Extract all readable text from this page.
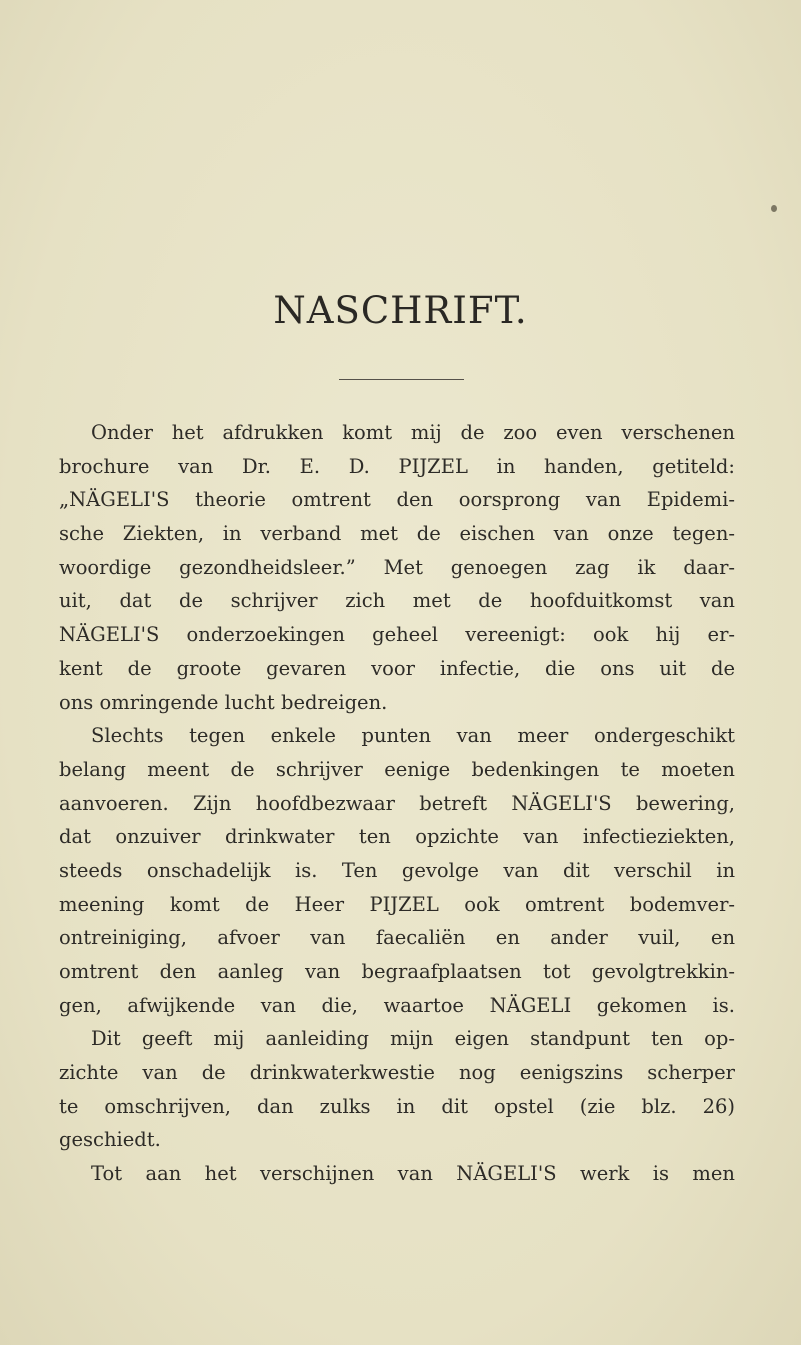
NASCHRIFT.
Onder het afdrukken komt mij de zoo even verschenen
brochure van Dr. E. D. PIJZEL in handen, getiteld:
„NÄGELI'S theorie omtrent den oorsprong van Epidemi-
sche Ziekten, in verband met de eischen van onze tegen-
woordige gezondheidsleer.” Met genoegen zag ik daar-
uit, dat de schrijver zich met de hoofduitkomst van
NÄGELI'S onderzoekingen geheel vereenigt: ook hij er-
kent de groote gevaren voor infectie, die ons uit de
ons omringende lucht bedreigen.
Slechts tegen enkele punten van meer ondergeschikt
belang meent de schrijver eenige bedenkingen te moeten
aanvoeren. Zijn hoofdbezwaar betreft NÄGELI'S bewering,
dat onzuiver drinkwater ten opzichte van infectieziekten,
steeds onschadelijk is. Ten gevolge van dit verschil in
meening komt de Heer PIJZEL ook omtrent bodemver-
ontreiniging, afvoer van faecaliën en ander vuil, en
omtrent den aanleg van begraafplaatsen tot gevolgtrekkin-
gen, afwijkende van die, waartoe NÄGELI gekomen is.
Dit geeft mij aanleiding mijn eigen standpunt ten op-
zichte van de drinkwaterkwestie nog eenigszins scherper
te omschrijven, dan zulks in dit opstel (zie blz. 26)
geschiedt.
Tot aan het verschijnen van NÄGELI'S werk is men
